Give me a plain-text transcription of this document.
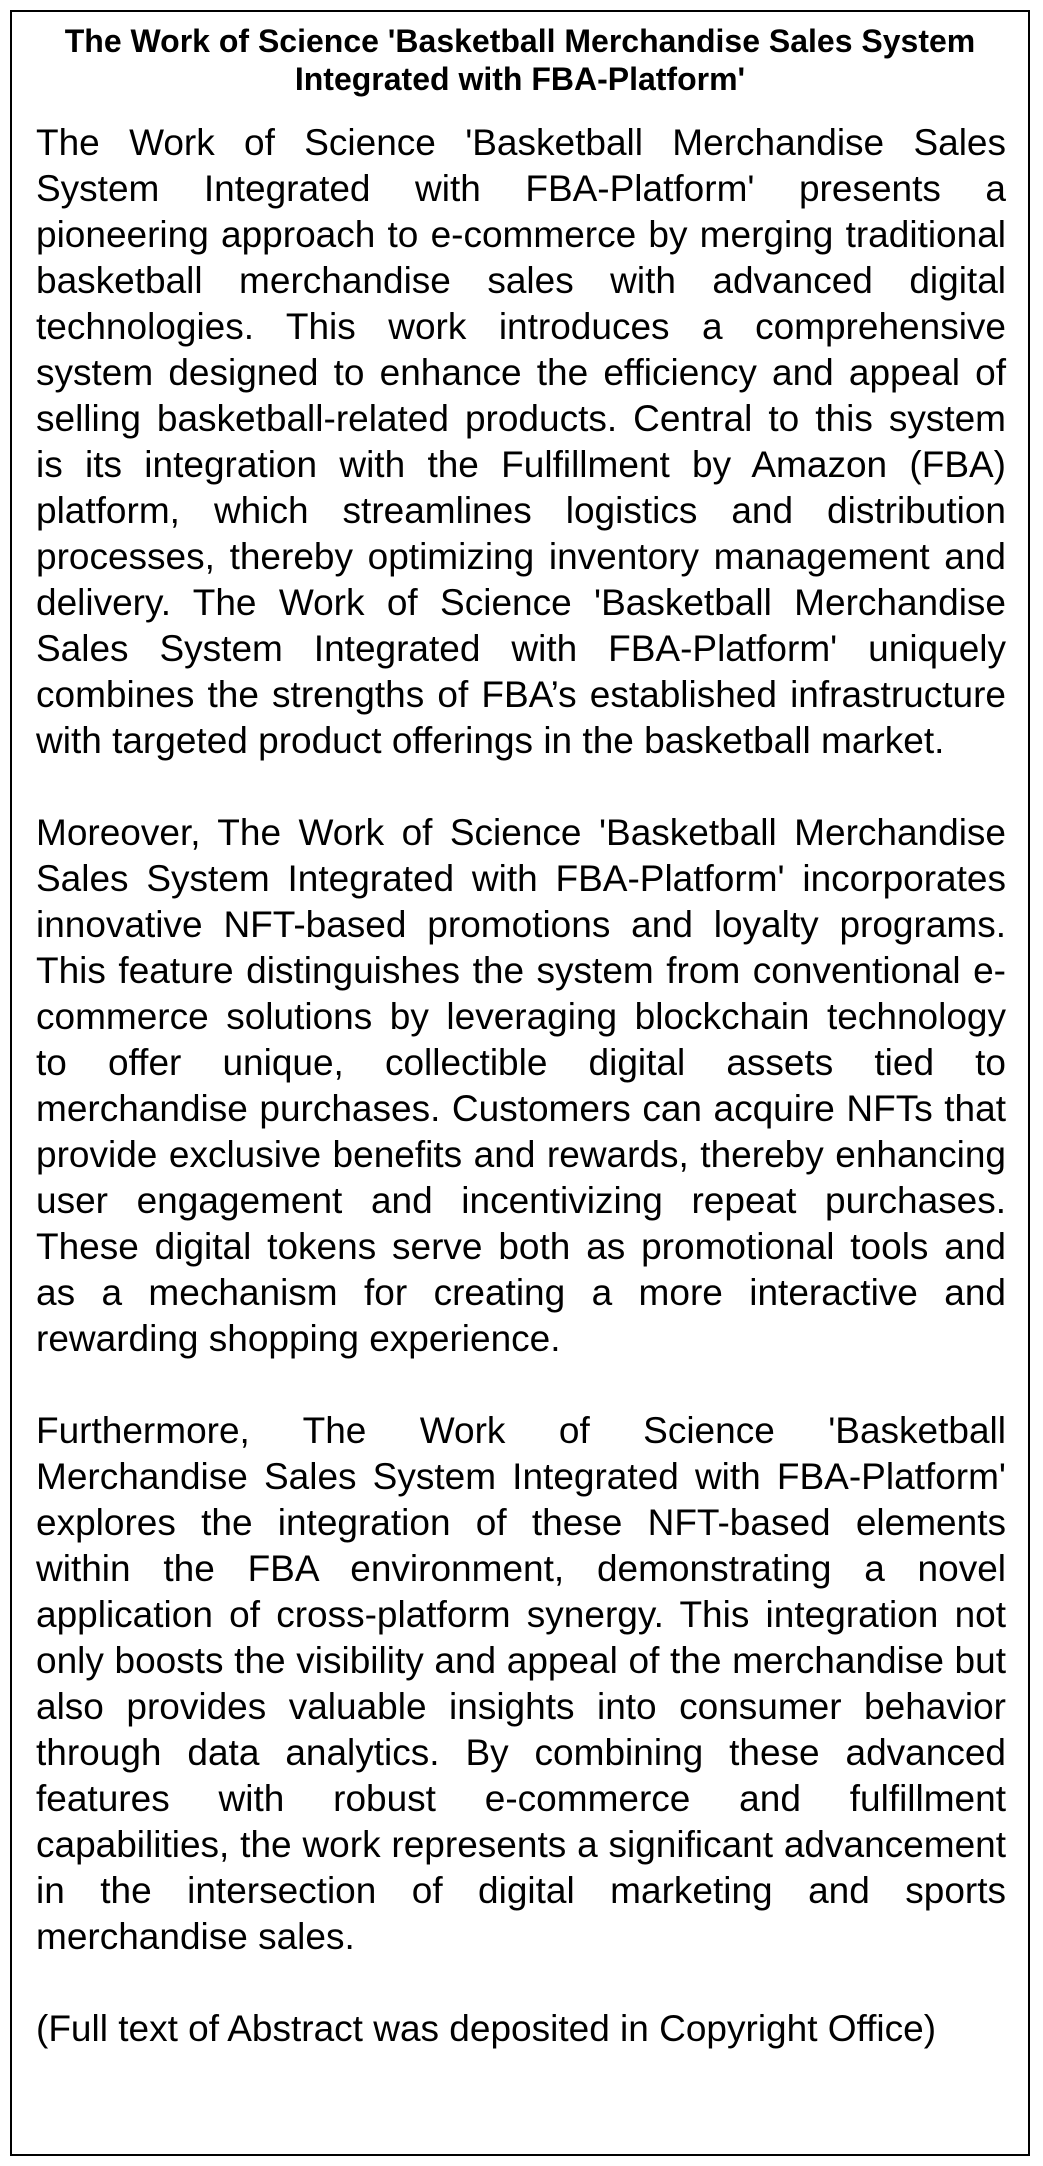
The Work of Science 'Basketball Merchandise Sales System Integrated with FBA-Platform'

The Work of Science 'Basketball Merchandise Sales System Integrated with FBA-Platform' presents a pioneering approach to e-commerce by merging traditional basketball merchandise sales with advanced digital technologies. This work introduces a comprehensive system designed to enhance the efficiency and appeal of selling basketball-related products. Central to this system is its integration with the Fulfillment by Amazon (FBA) platform, which streamlines logistics and distribution processes, thereby optimizing inventory management and delivery. The Work of Science 'Basketball Merchandise Sales System Integrated with FBA-Platform' uniquely combines the strengths of FBA’s established infrastructure with targeted product offerings in the basketball market.

Moreover, The Work of Science 'Basketball Merchandise Sales System Integrated with FBA-Platform' incorporates innovative NFT-based promotions and loyalty programs. This feature distinguishes the system from conventional e-commerce solutions by leveraging blockchain technology to offer unique, collectible digital assets tied to merchandise purchases. Customers can acquire NFTs that provide exclusive benefits and rewards, thereby enhancing user engagement and incentivizing repeat purchases. These digital tokens serve both as promotional tools and as a mechanism for creating a more interactive and rewarding shopping experience.

Furthermore, The Work of Science 'Basketball Merchandise Sales System Integrated with FBA-Platform' explores the integration of these NFT-based elements within the FBA environment, demonstrating a novel application of cross-platform synergy. This integration not only boosts the visibility and appeal of the merchandise but also provides valuable insights into consumer behavior through data analytics. By combining these advanced features with robust e-commerce and fulfillment capabilities, the work represents a significant advancement in the intersection of digital marketing and sports merchandise sales.

(Full text of Abstract was deposited in Copyright Office)
